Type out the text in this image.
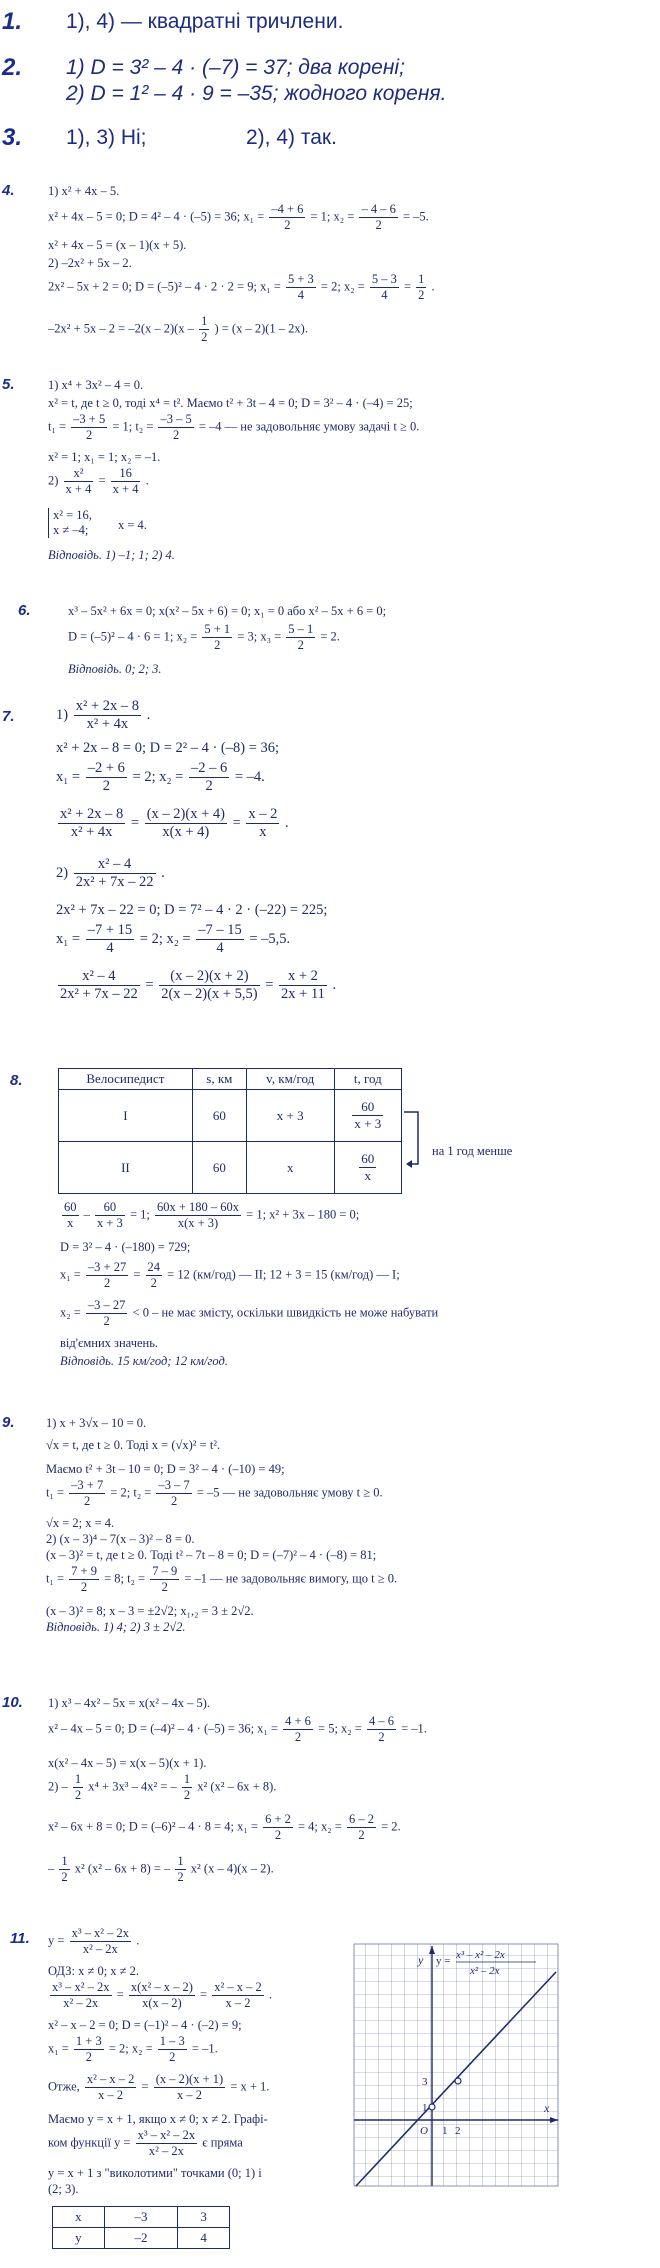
1. 1), 4) — квадратні тричлени.
2. 1) D = 3² – 4 · (–7) = 37; два корені;
2) D = 1² – 4 · 9 = –35; жодного кореня.
3. 1), 3) Ні;	2), 4) так.
4.	1) x² + 4x – 5.
x² + 4x – 5 = 0; D = 4² – 4 · (–5) = 36; $x_1 = \frac{-4 + 6}{2} = 1$; $x_2 = \frac{- 4 - 6}{2} = -5$.
x² + 4x – 5 = (x – 1)(x + 5).
2) –2x² + 5x – 2.
2x² – 5x + 2 = 0; D = (–5)² – 4 · 2 · 2 = 9; $x_1 = \frac{5 + 3}{4} = 2$; $x_2 = \frac{5 - 3}{4} = \frac{1}{2}$ .
$-2x^2 + 5x - 2 = -2(x - 2)(x - \frac{1}{2}$ ) = (x – 2)(1 – 2x).
5.	1) x⁴ + 3x² – 4 = 0.
x² = t, де t ≥ 0, тоді x⁴ = t². Маємо t² + 3t – 4 = 0; D = 3² – 4 · (–4) = 25;
$t_1 = \frac{-3 + 5}{2} = 1$; $t_2 = \frac{-3 - 5}{2} = -4$ — не задовольняє умову задачі t ≥ 0.
x² = 1; x₁ = 1; x₂ = –1.
$2) \frac{\text{x²}}{x + 4} = \frac{16}{x + 4}$ .
x² = 16,
x ≠ –4; x = 4.
Відповідь. 1) –1; 1; 2) 4.
6.	x³ – 5x² + 6x = 0; x(x² – 5x + 6) = 0; x₁ = 0 або x² – 5x + 6 = 0;
D = (–5)² – 4 · 6 = 1; $x_2 = \frac{5 + 1}{2} = 3$; $x_3 = \frac{5 - 1}{2} = 2$.
Відповідь. 0; 2; 3.
7.	$1) \frac{\text{x² + 2x – 8}}{\text{x² + 4x}}$ .
x² + 2x – 8 = 0; D = 2² – 4 · (–8) = 36;
$x_1 = \frac{-2 + 6}{2} = 2$; $x_2 = \frac{-2 - 6}{2} = -4$.
$\frac{\text{x² + 2x – 8}}{\text{x² + 4x}} = \frac{(x - 2)(x + 4)}{x(x + 4)} = \frac{x - 2}{x}$ .
$2) \frac{\text{x² – 4}}{\text{2x² + 7x – 22}}$ .
2x² + 7x – 22 = 0; D = 7² – 4 · 2 · (–22) = 225;
$x_1 = \frac{-7 + 15}{4} = 2$; $x_2 = \frac{-7 - 15}{4} = -5,5$.
$\frac{\text{x² – 4}}{\text{2x² + 7x – 22}} = \frac{(x - 2)(x + 2)}{2(x - 2)(x + 5,5)} = \frac{x + 2}{2x + 11}$ .
8.	Велосипедист	s, км	v, км/год	t, год
I	60	x + 3	$\frac{60}{x + 3}$

II	60	x	$\frac{60}{x}$	на 1 год менше
$\frac{60}{x} - \frac{60}{x + 3} = 1$; $\frac{60x + 180 - 60x}{x(x + 3)} = 1$; x² + 3x – 180 = 0;
D = 3² – 4 · (–180) = 729;
$x_1 = \frac{-3 + 27}{2} = \frac{24}{2} = 12$ (км/год) — II; 12 + 3 = 15 (км/год) — I;
$x_2 = \frac{-3 - 27}{2} < 0$ – не має змісту, оскільки швидкість не може набувати
від'ємних значень.
Відповідь. 15 км/год; 12 км/год.
9.	1) x + 3√x – 10 = 0.
√x = t, де t ≥ 0. Тоді x = (√x)² = t².
Маємо t² + 3t – 10 = 0; D = 3² – 4 · (–10) = 49;
$t_1 = \frac{-3 + 7}{2} = 2$; $t_2 = \frac{-3 - 7}{2} = -5$ — не задовольняє умову t ≥ 0.
√x = 2; x = 4.
2) (x – 3)⁴ – 7(x – 3)² – 8 = 0.
(x – 3)² = t, де t ≥ 0. Тоді t² – 7t – 8 = 0; D = (–7)² – 4 · (–8) = 81;
$t_1 = \frac{7 + 9}{2} = 8$; $t_2 = \frac{7 - 9}{2} = -1$ — не задовольняє вимогу, що t ≥ 0.
(x – 3)² = 8; x – 3 = ±2√2; x₁,₂ = 3 ± 2√2.
Відповідь. 1) 4; 2) 3 ± 2√2.
10. 1) x³ – 4x² – 5x = x(x² – 4x – 5).
x² – 4x – 5 = 0; D = (–4)² – 4 · (–5) = 36; $x_1 = \frac{4 + 6}{2} = 5$; $x_2 = \frac{4 - 6}{2} = -1$.
x(x² – 4x – 5) = x(x – 5)(x + 1).
$2) - \frac{1}{2} x^4 + 3x^3 - 4x^2$ = – $\frac{1}{2} x^2$ (x² – 6x + 8).
x² – 6x + 8 = 0; D = (–6)² – 4 · 8 = 4; $x_1 = \frac{6 + 2}{2} = 4$; $x_2 = \frac{6 - 2}{2} = 2$.
– $\frac{1}{2} x^2$ (x² – 6x + 8) = – $\frac{1}{2} x^2$ (x – 4)(x – 2).
11. $y = \frac{\text{x³ – x² – 2x}}{\text{x² – 2x}}$ .
ОДЗ: x ≠ 0; x ≠ 2.
$\frac{\text{x³ – x² – 2x}}{\text{x² – 2x}} = \frac{\text{x(x² – x – 2)}}{x(x - 2)} = \frac{\text{x² – x – 2}}{x - 2}$ .
x² – x – 2 = 0; D = (–1)² – 4 · (–2) = 9;
$x_1 = \frac{1 + 3}{2} = 2$; $x_2 = \frac{1 - 3}{2} = -1$.
Отже, $\frac{\text{x² – x – 2}}{x - 2} = \frac{(x - 2)(x + 1)}{x - 2} = x + 1$.
Маємо y = x + 1, якщо x ≠ 0; x ≠ 2. Графі-
ком функції $y = \frac{\text{x³ – x² – 2x}}{\text{x² – 2x}}$ є пряма
y = x + 1 з "виколотими" точками (0; 1) і
(2; 3).
x	–3	3
y	–2	4
y
x
O
3
1
1 2
y = x³ – x² – 2x
x² – 2x
